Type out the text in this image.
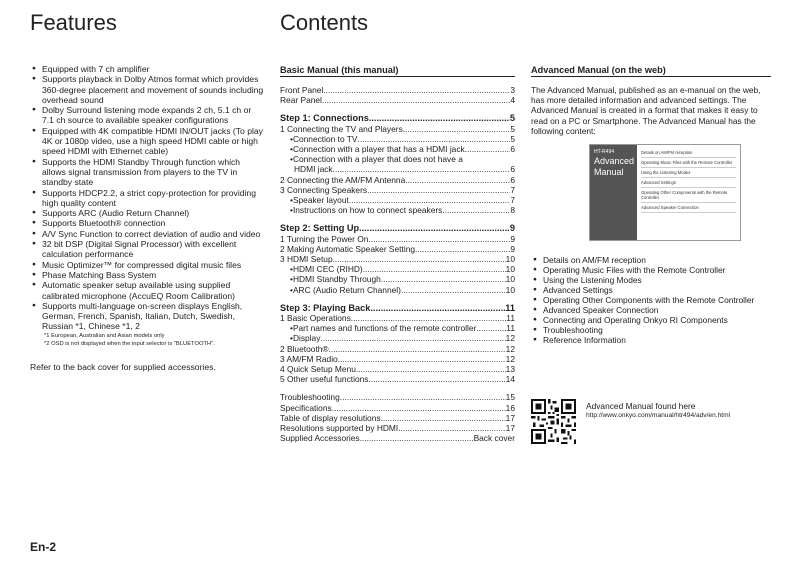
Features
● Equipped with 7 ch amplifier
● Supports playback in Dolby Atmos format which provides 360-degree placement and movement of sounds including overhead sound
● Dolby Surround listening mode expands 2 ch, 5.1 ch or 7.1 ch source to available speaker configurations
● Equipped with 4K compatible HDMI IN/OUT jacks (To play 4K or 1080p video, use a high speed HDMI cable or high speed HDMI with Ethernet cable)
● Supports the HDMI Standby Through function which allows signal transmission from players to the TV in standby state
● Supports HDCP2.2, a strict copy-protection for providing high quality content
● Supports ARC (Audio Return Channel)
● Supports Bluetooth® connection
● A/V Sync Function to correct deviation of audio and video
● 32 bit DSP (Digital Signal Processor) with excellent calculation performance
● Music Optimizer™ for compressed digital music files
● Phase Matching Bass System
● Automatic speaker setup available using supplied calibrated microphone (AccuEQ Room Calibration)
● Supports multi-language on-screen displays English, German, French, Spanish, Italian, Dutch, Swedish, Russian *1, Chinese *1, 2
*1 European, Australian and Asian models only
*2 OSD is not displayed when the input selector is "BLUETOOTH".
Refer to the back cover for supplied accessories.
Contents
Basic Manual (this manual)
Front Panel .....	3
Rear Panel .....	4
Step 1: Connections .....	5
1 Connecting the TV and Players .....	5
• Connection to TV .....	5
• Connection with a player that has a HDMI jack .....	6
• Connection with a player that does not have a
HDMI jack .....	6
2 Connecting the AM/FM Antenna .....	6
3 Connecting Speakers .....	7
• Speaker layout .....	7
• Instructions on how to connect speakers .....	8
Step 2: Setting Up .....	9
1 Turning the Power On .....	9
2 Making Automatic Speaker Setting .....	9
3 HDMI Setup .....	10
• HDMI CEC (RIHD) .....	10
• HDMI Standby Through .....	10
• ARC (Audio Return Channel) .....	10
Step 3: Playing Back .....	11
1 Basic Operations .....	11
• Part names and functions of the remote controller .....	11
• Display .....	12
2 Bluetooth® .....	12
3 AM/FM Radio .....	12
4 Quick Setup Menu .....	13
5 Other useful functions .....	14
Troubleshooting .....	15
Specifications .....	16
Table of display resolutions .....	17
Resolutions supported by HDMI .....	17
Supplied Accessories .....	Back cover
Advanced Manual (on the web)
The Advanced Manual, published as an e-manual on the web, has more detailed information and advanced settings. The Advanced Manual is created in a format that makes it easy to read on a PC or Smartphone. The Advanced Manual has the following content:
HT-R494
Advanced
Manual
Details on AM/FM reception
Operating Music Files with the Remote Controller
Using the Listening Modes
Advanced Settings
Operating Other Components with the Remote Controller
Advanced Speaker Connection
● Details on AM/FM reception
● Operating Music Files with the Remote Controller
● Using the Listening Modes
● Advanced Settings
● Operating Other Components with the Remote Controller
● Advanced Speaker Connection
● Connecting and Operating Onkyo RI Components
● Troubleshooting
● Reference Information
Advanced Manual found here
http://www.onkyo.com/manual/htr494/adv/en.html
En-2
